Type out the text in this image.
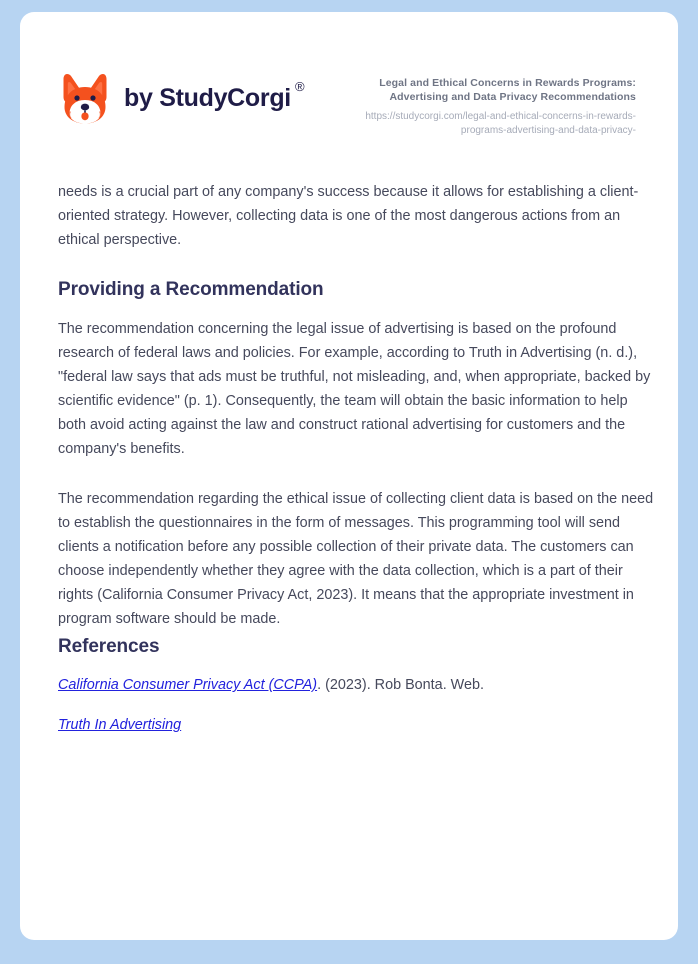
by StudyCorgi ®	Legal and Ethical Concerns in Rewards Programs: Advertising and Data Privacy Recommendations
https://studycorgi.com/legal-and-ethical-concerns-in-rewards-programs-advertising-and-data-privacy-

needs is a crucial part of any company's success because it allows for establishing a client-oriented strategy. However, collecting data is one of the most dangerous actions from an ethical perspective.

Providing a Recommendation

The recommendation concerning the legal issue of advertising is based on the profound research of federal laws and policies. For example, according to Truth in Advertising (n. d.), "federal law says that ads must be truthful, not misleading, and, when appropriate, backed by scientific evidence" (p. 1). Consequently, the team will obtain the basic information to help both avoid acting against the law and construct rational advertising for customers and the company's benefits.

The recommendation regarding the ethical issue of collecting client data is based on the need to establish the questionnaires in the form of messages. This programming tool will send clients a notification before any possible collection of their private data. The customers can choose independently whether they agree with the data collection, which is a part of their rights (California Consumer Privacy Act, 2023). It means that the appropriate investment in program software should be made.

References

California Consumer Privacy Act (CCPA). (2023). Rob Bonta. Web.

Truth In Advertising
